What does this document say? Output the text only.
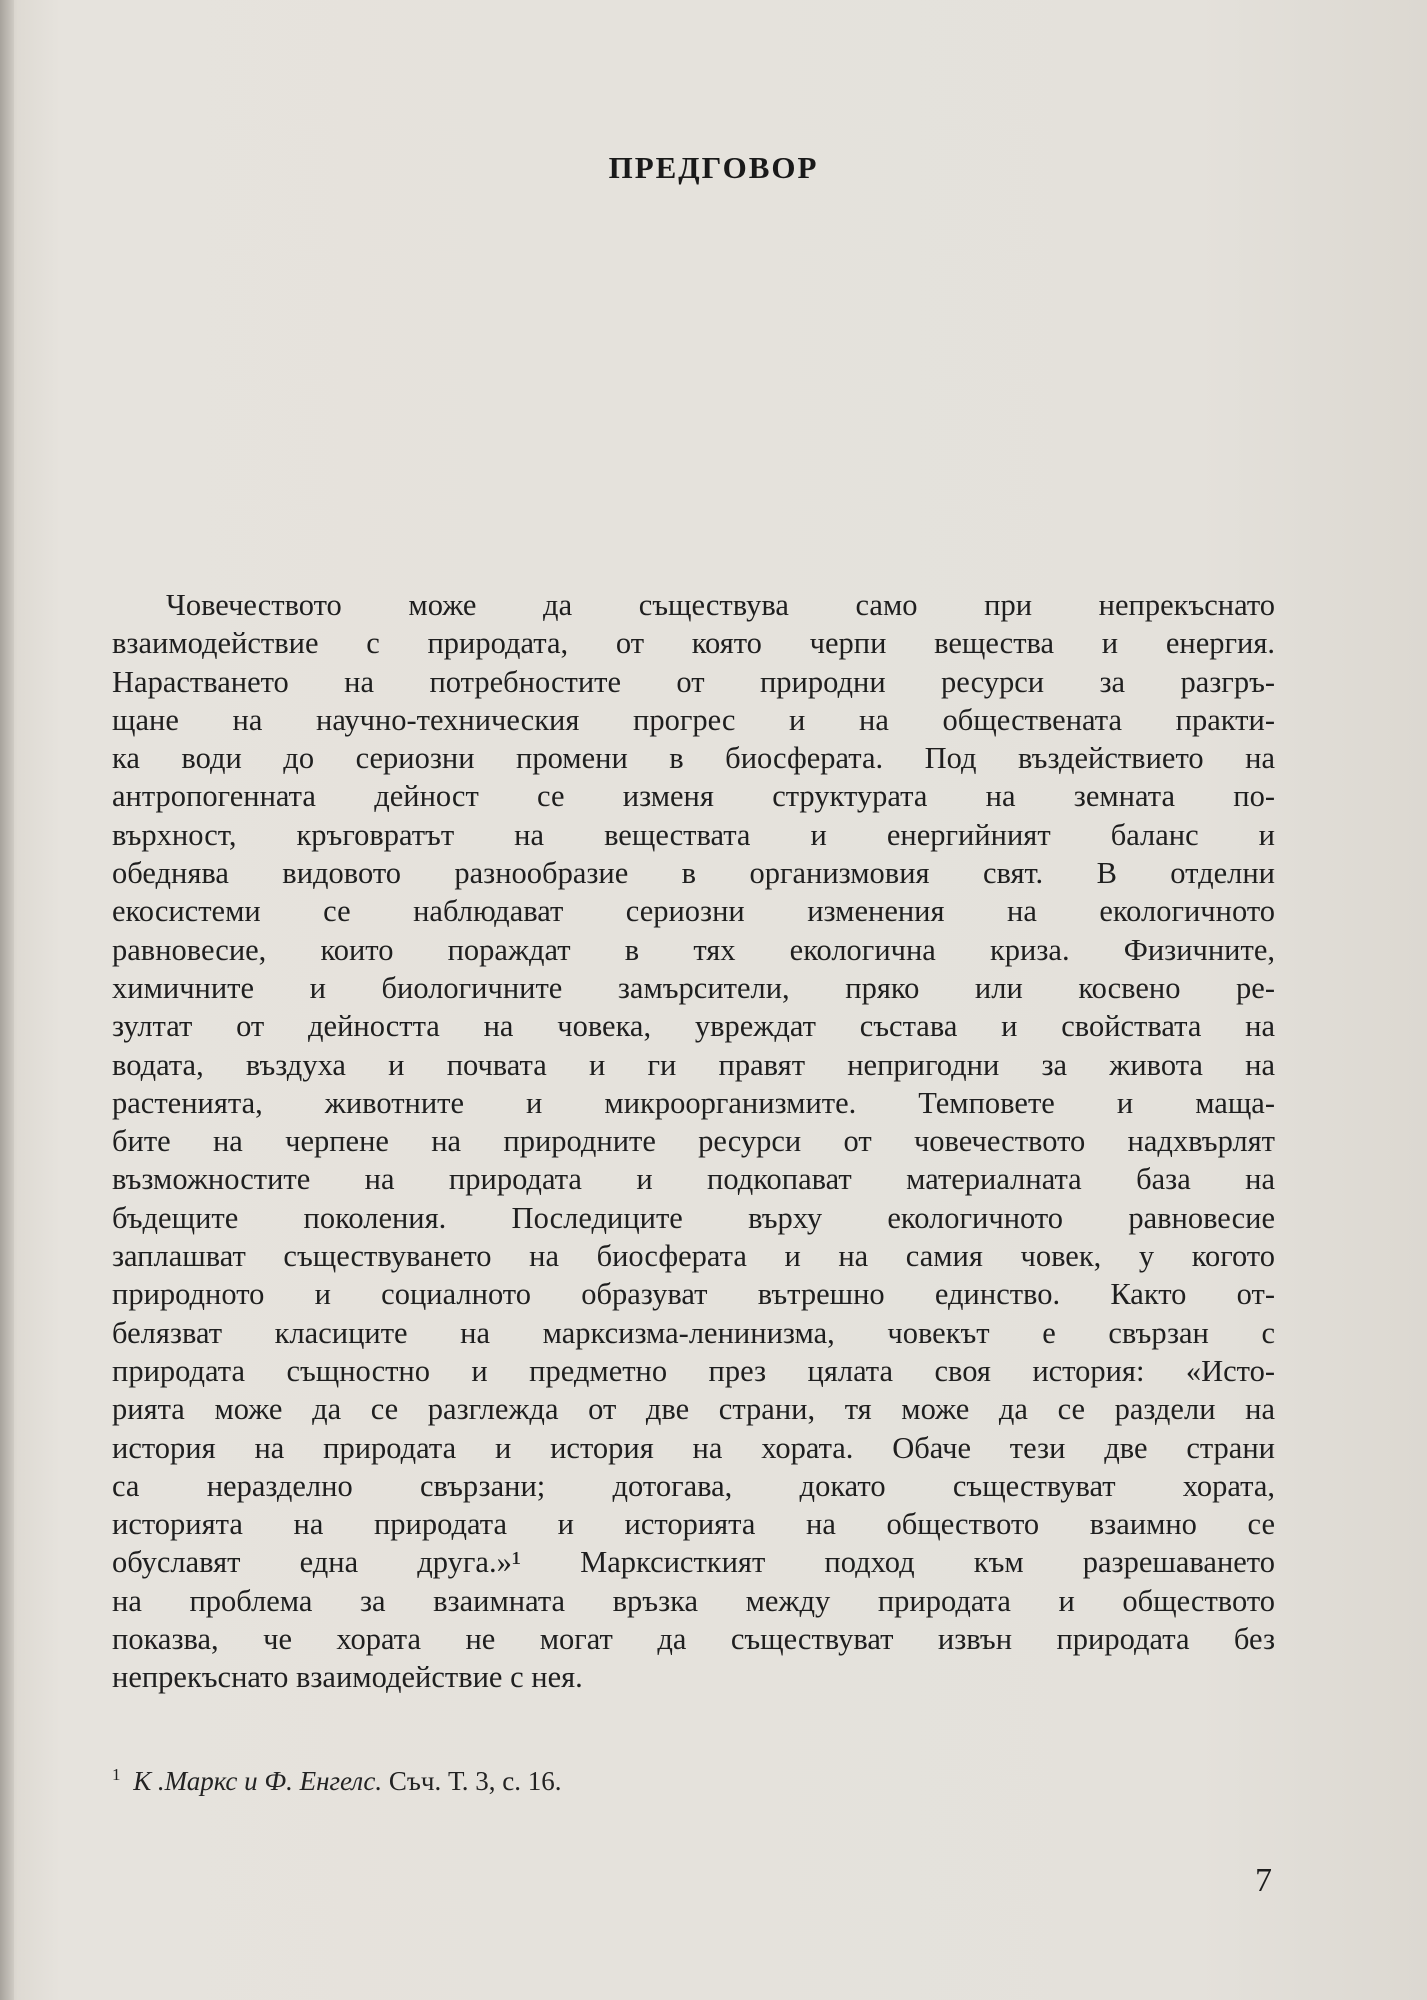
ПРЕДГОВОР
Човечеството може да съществува само при непрекъснато
взаимодействие с природата, от която черпи вещества и енергия.
Нарастването на потребностите от природни ресурси за разгръ-
щане на научно-техническия прогрес и на обществената практи-
ка води до сериозни промени в биосферата. Под въздействието на
антропогенната дейност се изменя структурата на земната по-
върхност, кръговратът на веществата и енергийният баланс и
обеднява видовото разнообразие в организмовия свят. В отделни
екосистеми се наблюдават сериозни изменения на екологичното
равновесие, които пораждат в тях екологична криза. Физичните,
химичните и биологичните замърсители, пряко или косвено ре-
зултат от дейността на човека, увреждат състава и свойствата на
водата, въздуха и почвата и ги правят непригодни за живота на
растенията, животните и микроорганизмите. Темповете и маща-
бите на черпене на природните ресурси от човечеството надхвърлят
възможностите на природата и подкопават материалната база на
бъдещите поколения. Последиците върху екологичното равновесие
заплашват съществуването на биосферата и на самия човек, у когото
природното и социалното образуват вътрешно единство. Както от-
белязват класиците на марксизма-ленинизма, човекът е свързан с
природата същностно и предметно през цялата своя история: «Исто-
рията може да се разглежда от две страни, тя може да се раздели на
история на природата и история на хората. Обаче тези две страни
са неразделно свързани; дотогава, докато съществуват хората,
историята на природата и историята на обществото взаимно се
обуславят една друга.»¹ Марксисткият подход към разрешаването
на проблема за взаимната връзка между природата и обществото
показва, че хората не могат да съществуват извън природата без
непрекъснато взаимодействие с нея.
$^1$ К .Маркс и Ф. Енгелс. Съч. Т. 3, с. 16.
7
